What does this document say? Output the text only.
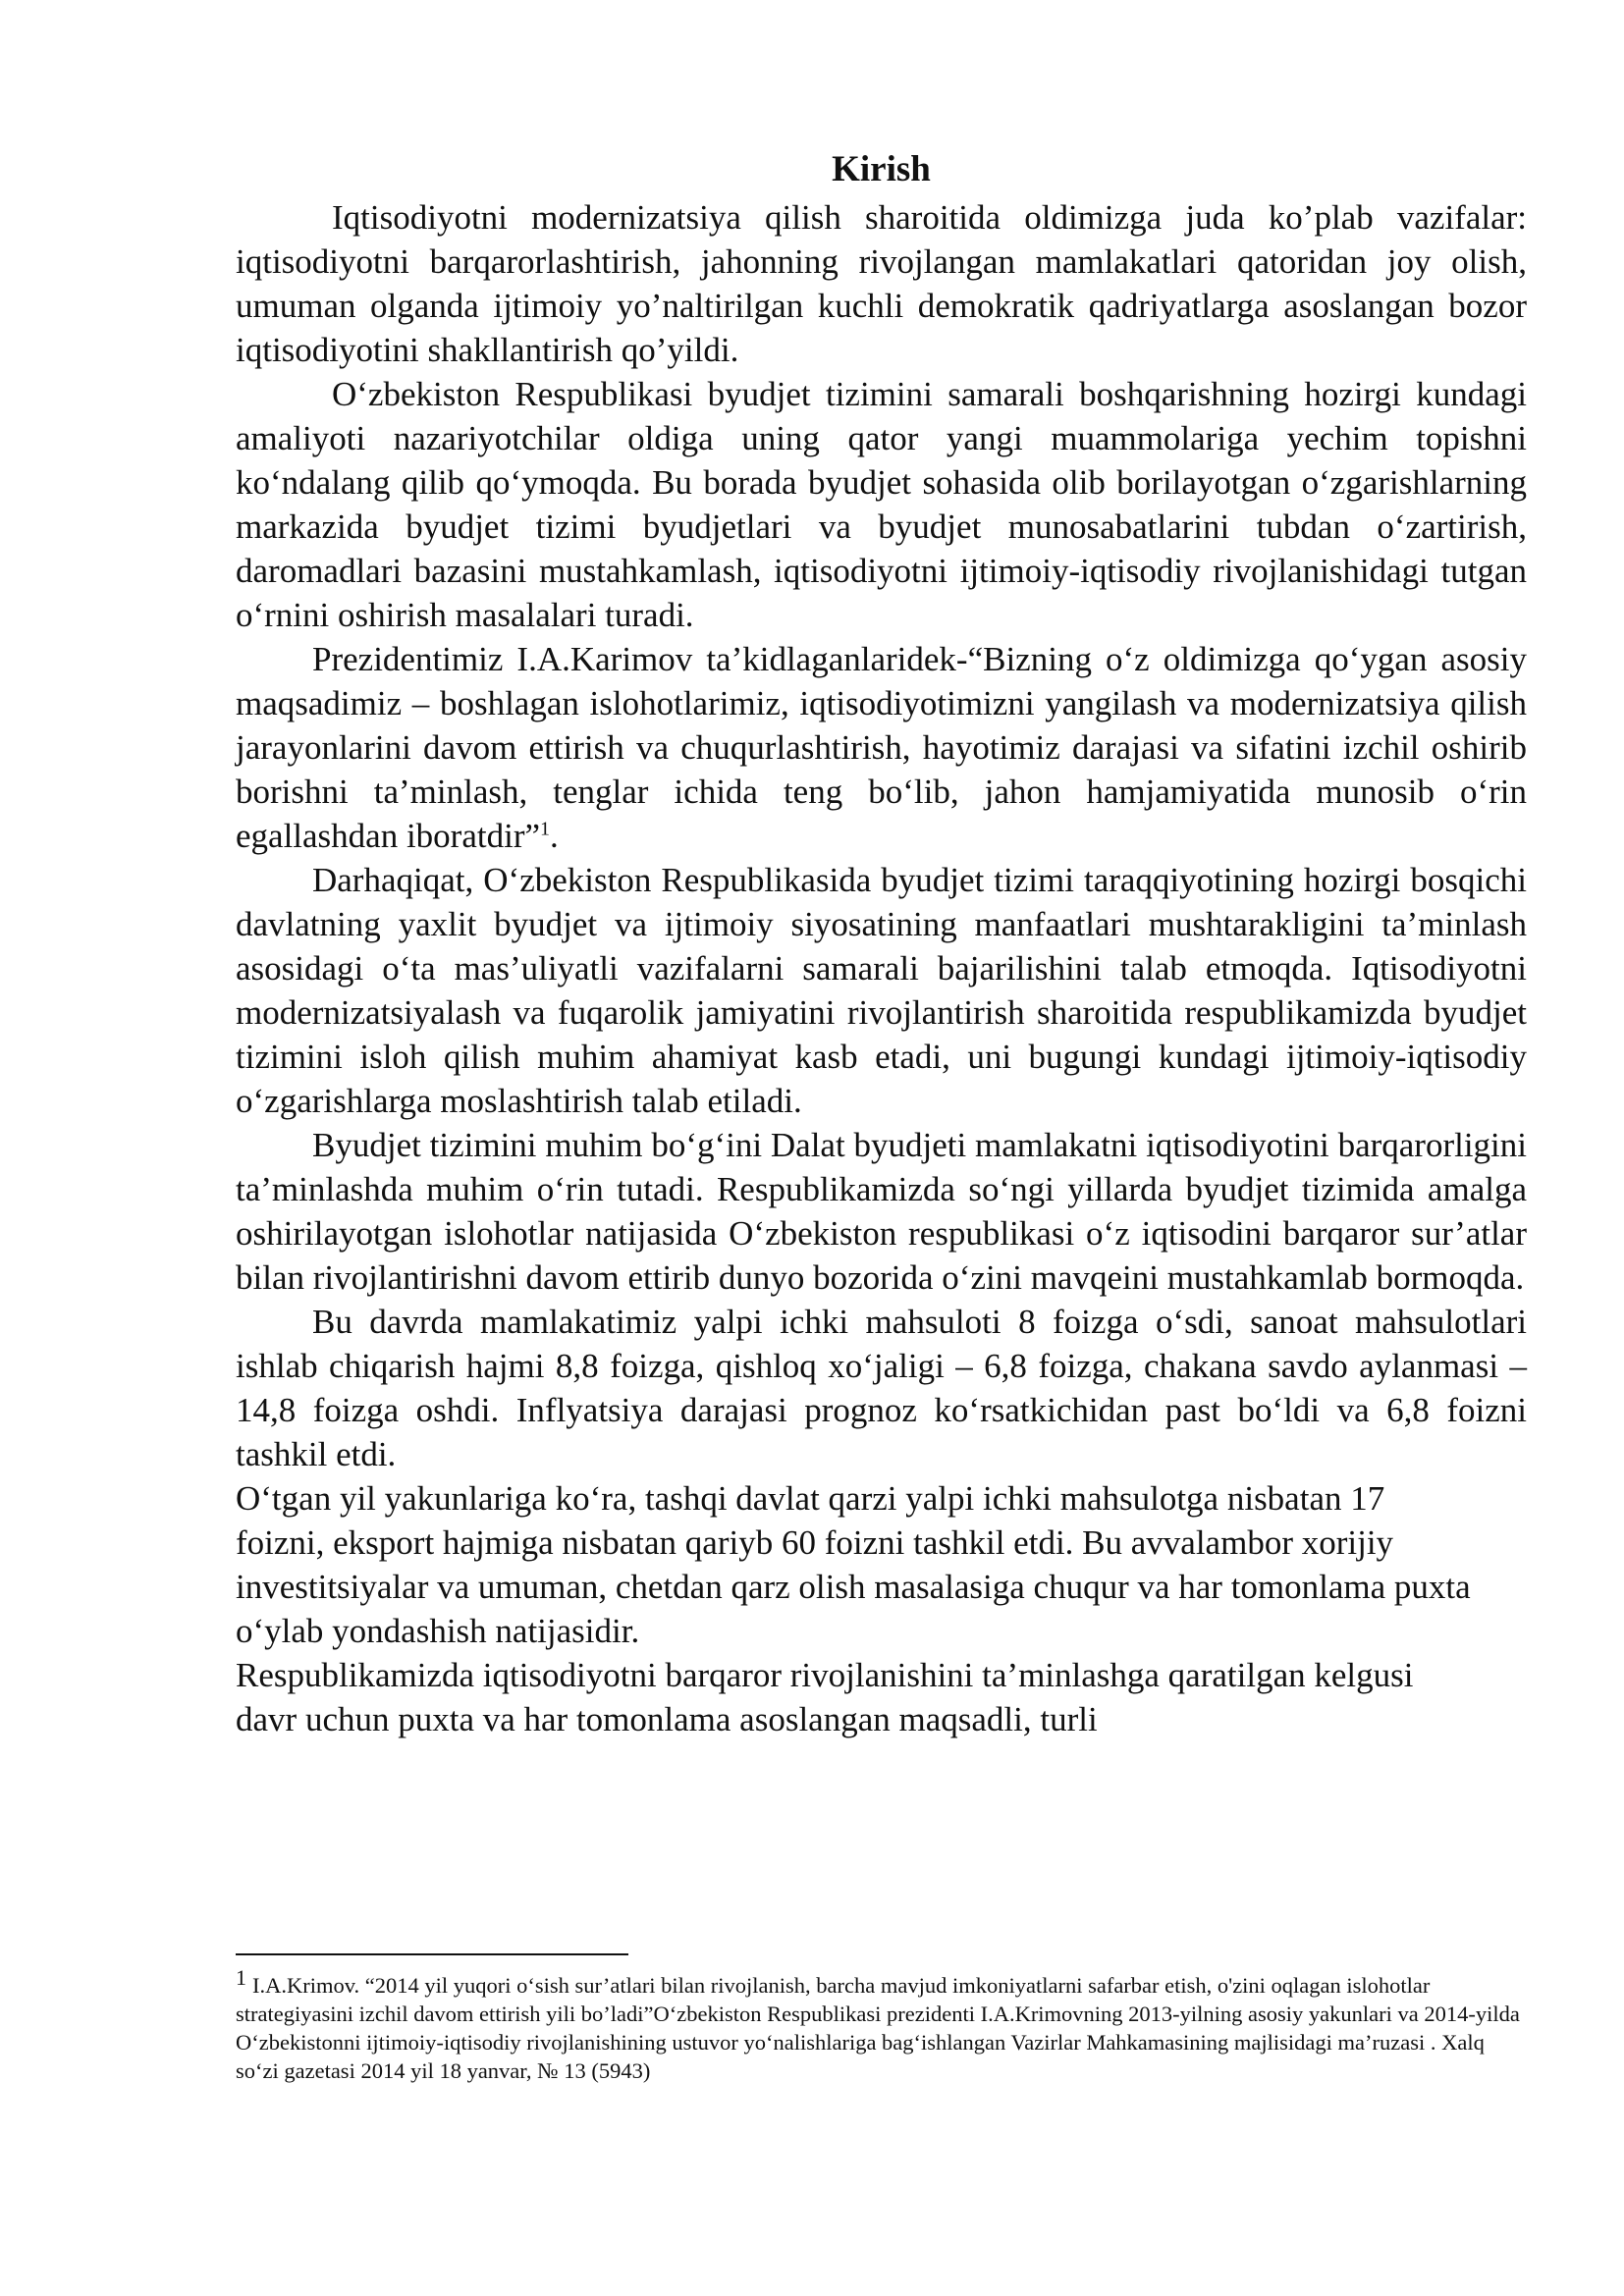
Kirish

Iqtisodiyotni modernizatsiya qilish sharoitida oldimizga juda ko’plab vazifalar: iqtisodiyotni barqarorlashtirish, jahonning rivojlangan mamlakatlari qatoridan joy olish, umuman olganda ijtimoiy yo’naltirilgan kuchli demokratik qadriyatlarga asoslangan bozor iqtisodiyotini shakllantirish qo’yildi.

O‘zbekiston Respublikasi byudjet tizimini samarali boshqarishning hozirgi kundagi amaliyoti nazariyotchilar oldiga uning qator yangi muammolariga yechim topishni ko‘ndalang qilib qo‘ymoqda. Bu borada byudjet sohasida olib borilayotgan o‘zgarishlarning markazida byudjet tizimi byudjetlari va byudjet munosabatlarini tubdan o‘zartirish, daromadlari bazasini mustahkamlash, iqtisodiyotni ijtimoiy-iqtisodiy rivojlanishidagi tutgan o‘rnini oshirish masalalari turadi.

Prezidentimiz I.A.Karimov ta’kidlaganlaridek-“Bizning o‘z oldimizga qo‘ygan asosiy maqsadimiz – boshlagan islohotlarimiz, iqtisodiyotimizni yangilash va modernizatsiya qilish jarayonlarini davom ettirish va chuqurlashtirish, hayotimiz darajasi va sifatini izchil oshirib borishni ta’minlash, tenglar ichida teng bo‘lib, jahon hamjamiyatida munosib o‘rin egallashdan iboratdir”$^1$.

Darhaqiqat, O‘zbekiston Respublikasida byudjet tizimi taraqqiyotining hozirgi bosqichi davlatning yaxlit byudjet va ijtimoiy siyosatining manfaatlari mushtarakligini ta’minlash asosidagi o‘ta mas’uliyatli vazifalarni samarali bajarilishini talab etmoqda. Iqtisodiyotni modernizatsiyalash va fuqarolik jamiyatini rivojlantirish sharoitida respublikamizda byudjet tizimini isloh qilish muhim ahamiyat kasb etadi, uni bugungi kundagi ijtimoiy-iqtisodiy o‘zgarishlarga moslashtirish talab etiladi.

Byudjet tizimini muhim bo‘g‘ini Dalat byudjeti mamlakatni iqtisodiyotini barqarorligini ta’minlashda muhim o‘rin tutadi. Respublikamizda so‘ngi yillarda byudjet tizimida amalga oshirilayotgan islohotlar natijasida O‘zbekiston respublikasi o‘z iqtisodini barqaror sur’atlar bilan rivojlantirishni davom ettirib dunyo bozorida o‘zini mavqeini mustahkamlab bormoqda.

Bu davrda mamlakatimiz yalpi ichki mahsuloti 8 foizga o‘sdi, sanoat mahsulotlari ishlab chiqarish hajmi 8,8 foizga, qishloq xo‘jaligi – 6,8 foizga, chakana savdo aylanmasi – 14,8 foizga oshdi. Inflyatsiya darajasi prognoz ko‘rsatkichidan past bo‘ldi va 6,8 foizni tashkil etdi.

O‘tgan yil yakunlariga ko‘ra, tashqi davlat qarzi yalpi ichki mahsulotga nisbatan 17 foizni, eksport hajmiga nisbatan qariyb 60 foizni tashkil etdi. Bu avvalambor xorijiy investitsiyalar va umuman, chetdan qarz olish masalasiga chuqur va har tomonlama puxta o‘ylab yondashish natijasidir.

Respublikamizda iqtisodiyotni barqaror rivojlanishini ta’minlashga qaratilgan kelgusi davr uchun puxta va har tomonlama asoslangan maqsadli, turli

$^1$ I.A.Krimov. “2014 yil yuqori o‘sish sur’atlari bilan rivojlanish, barcha mavjud imkoniyatlarni safarbar etish, o'zini oqlagan islohotlar strategiyasini izchil davom ettirish yili bo’ladi”O‘zbekiston Respublikasi prezidenti I.A.Krimovning 2013-yilning asosiy yakunlari va 2014-yilda O‘zbekistonni ijtimoiy-iqtisodiy rivojlanishining ustuvor yo‘nalishlariga bag‘ishlangan Vazirlar Mahkamasining majlisidagi ma’ruzasi . Xalq so‘zi gazetasi 2014 yil 18 yanvar, № 13 (5943)
